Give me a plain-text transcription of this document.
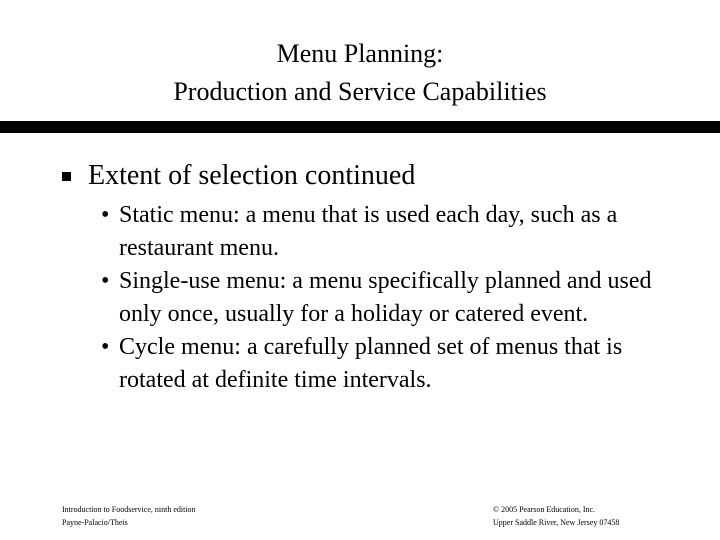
Menu Planning:
Production and Service Capabilities
Extent of selection continued
• Static menu: a menu that is used each day, such as a restaurant menu.
• Single-use menu: a menu specifically planned and used only once, usually for a holiday or catered event.
• Cycle menu: a carefully planned set of menus that is rotated at definite time intervals.
Introduction to Foodservice, ninth edition
Payne-Palacio/Theis
© 2005 Pearson Education, Inc.
Upper Saddle River, New Jersey 07458
